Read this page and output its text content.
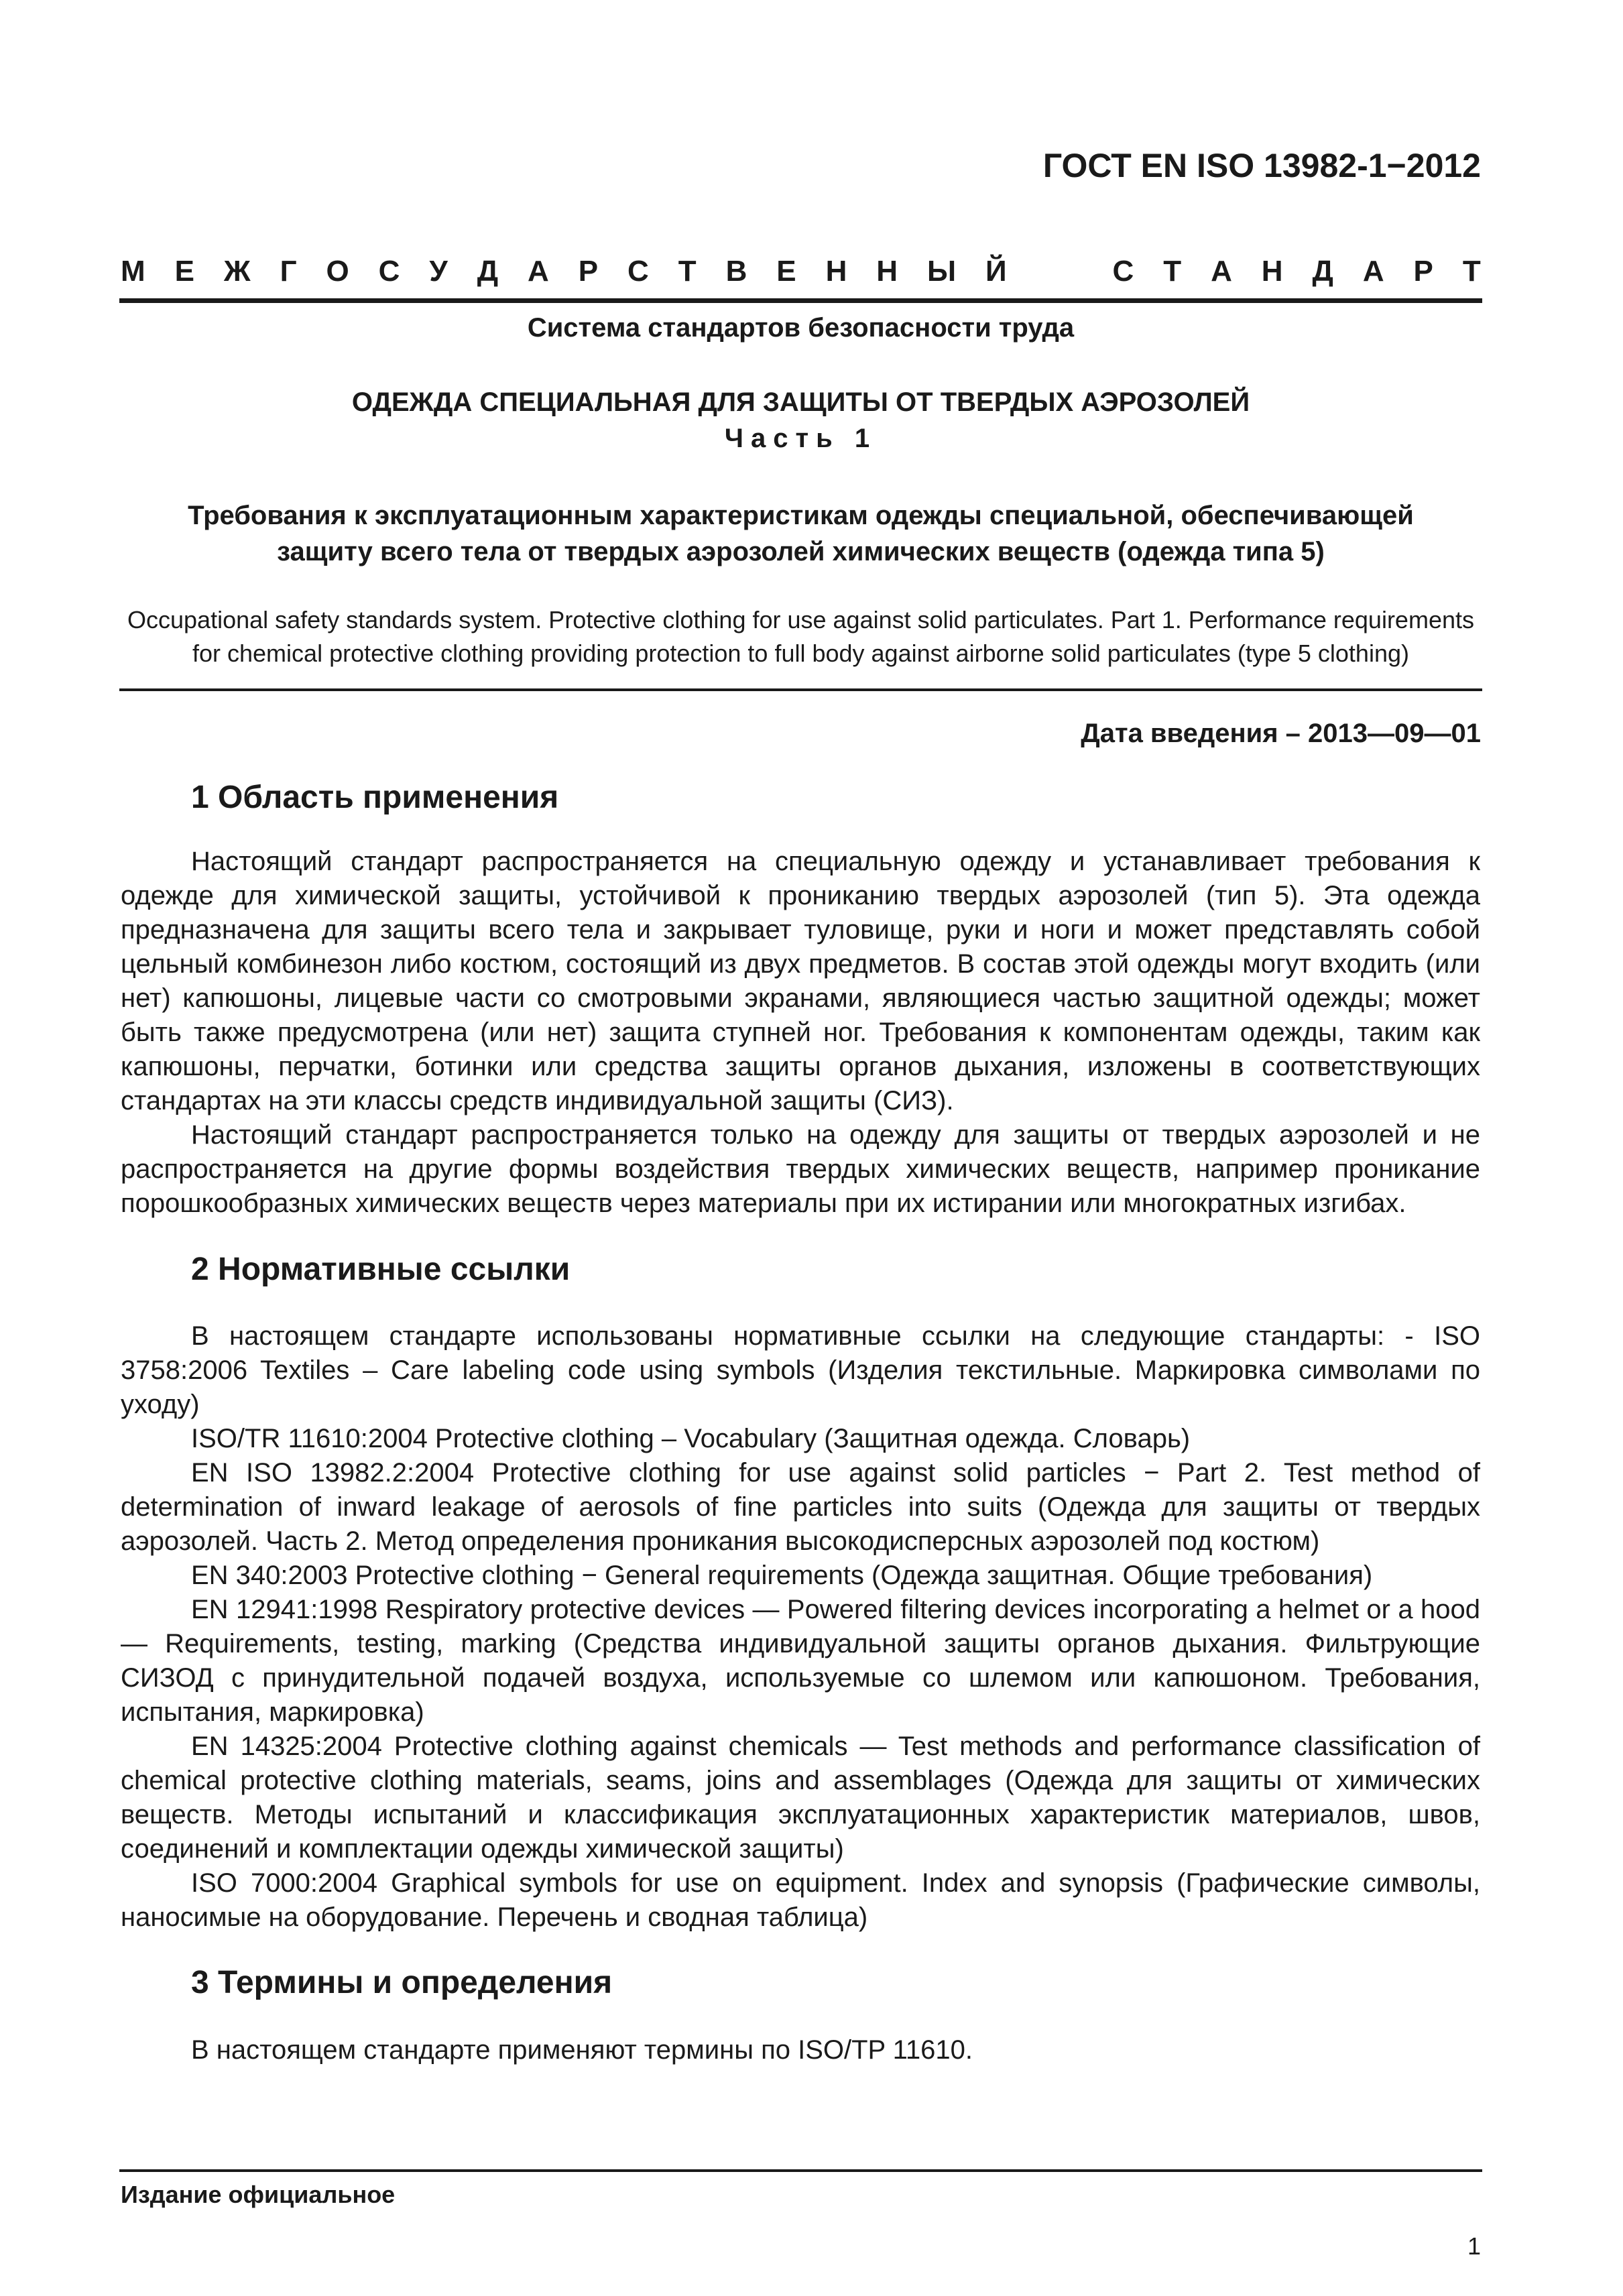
ГОСТ EN ISO 13982-1−2012
М Е Ж Г О С У Д А Р С Т В Е Н Н Ы Й	С Т А Н Д А Р Т
Система стандартов безопасности труда
ОДЕЖДА СПЕЦИАЛЬНАЯ ДЛЯ ЗАЩИТЫ ОТ ТВЕРДЫХ АЭРОЗОЛЕЙ
Часть 1
Требования к эксплуатационным характеристикам одежды специальной, обеспечивающей
защиту всего тела от твердых аэрозолей химических веществ (одежда типа 5)
Occupational safety standards system. Protective clothing for use against solid particulates. Part 1. Performance requirements
for chemical protective clothing providing protection to full body against airborne solid particulates (type 5 clothing)
Дата введения – 2013—09—01
1 Область применения

Настоящий стандарт распространяется на специальную одежду и устанавливает требования к одежде для химической защиты, устойчивой к прониканию твердых аэрозолей (тип 5). Эта одежда предназначена для защиты всего тела и закрывает туловище, руки и ноги и может представлять собой цельный комбинезон либо костюм, состоящий из двух предметов. В состав этой одежды могут входить (или нет) капюшоны, лицевые части со смотровыми экранами, являющиеся частью защитной одежды; может быть также предусмотрена (или нет) защита ступней ног. Требования к компонентам одежды, таким как капюшоны, перчатки, ботинки или средства защиты органов дыхания, изложены в соответствующих стандартах на эти классы средств индивидуальной защиты (СИЗ).

Настоящий стандарт распространяется только на одежду для защиты от твердых аэрозолей и не распространяется на другие формы воздействия твердых химических веществ, например проникание порошкообразных химических веществ через материалы при их истирании или многократных изгибах.

2 Нормативные ссылки

В настоящем стандарте использованы нормативные ссылки на следующие стандарты: - ISO 3758:2006 Textiles – Care labeling code using symbols (Изделия текстильные. Маркировка символами по уходу)

ISO/TR 11610:2004 Protective clothing – Vocabulary (Защитная одежда. Словарь)

EN ISO 13982.2:2004 Protective clothing for use against solid particles − Part 2. Test method of determination of inward leakage of aerosols of fine particles into suits (Одежда для защиты от твердых аэрозолей. Часть 2. Метод определения проникания высокодисперсных аэрозолей под костюм)

EN 340:2003 Protective clothing − General requirements (Одежда защитная. Общие требования)

EN 12941:1998 Respiratory protective devices — Powered filtering devices incorporating a helmet or a hood — Requirements, testing, marking (Средства индивидуальной защиты органов дыхания. Фильтрующие СИЗОД с принудительной подачей воздуха, используемые со шлемом или капюшоном. Требования, испытания, маркировка)

EN 14325:2004 Protective clothing against chemicals — Test methods and performance classification of chemical protective clothing materials, seams, joins and assemblages (Одежда для защиты от химических веществ. Методы испытаний и классификация эксплуатационных характеристик материалов, швов, соединений и комплектации одежды химической защиты)

ISO 7000:2004 Graphical symbols for use on equipment. Index and synopsis (Графические символы, наносимые на оборудование. Перечень и сводная таблица)

3 Термины и определения

В настоящем стандарте применяют термины по ISO/TP 11610.

Издание официальное
1
